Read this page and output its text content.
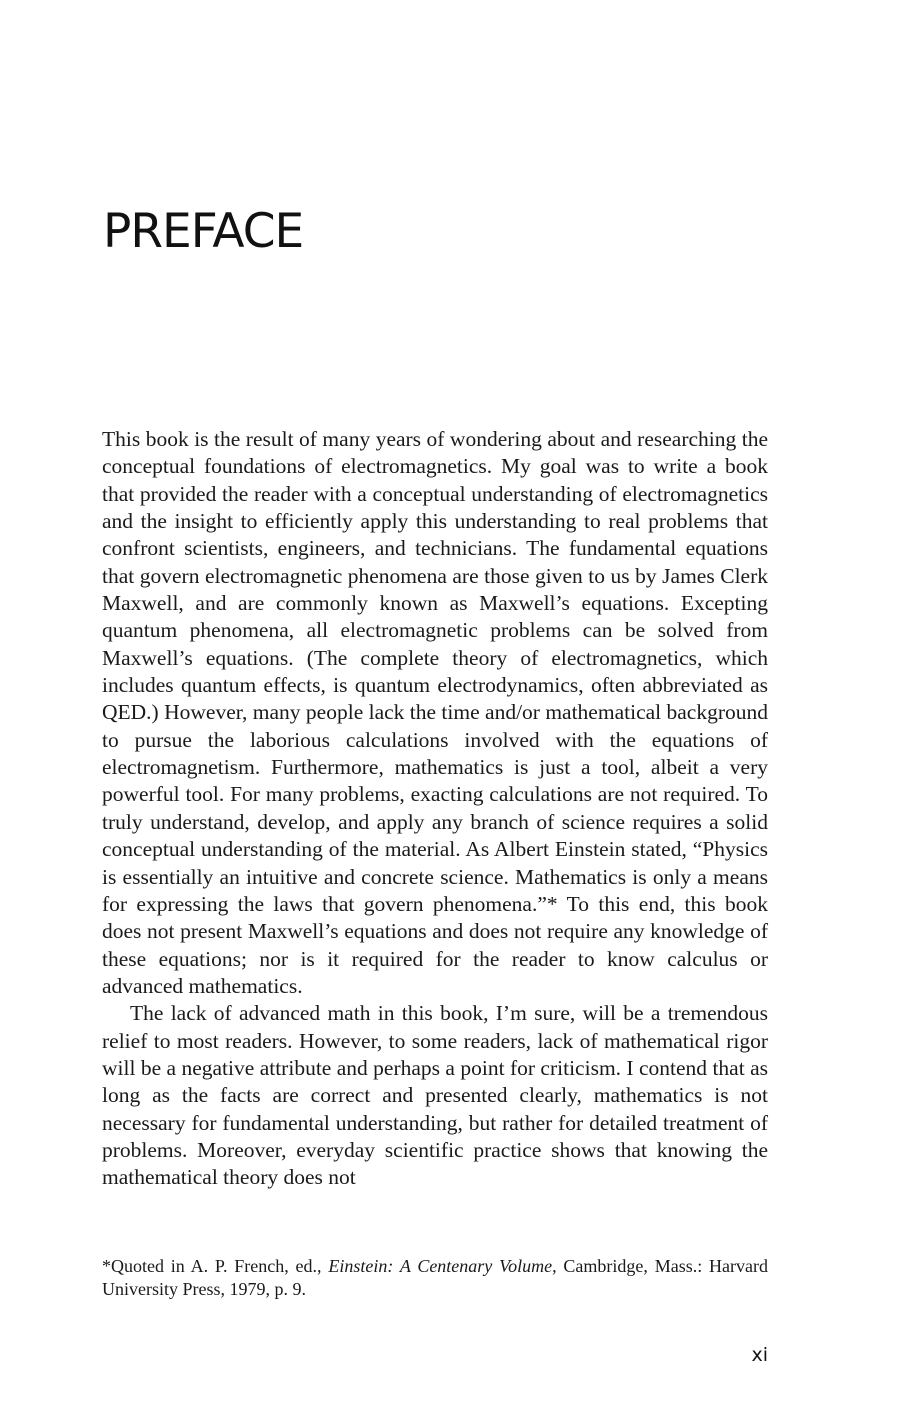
PREFACE

This book is the result of many years of wondering about and researching the conceptual foundations of electromagnetics. My goal was to write a book that provided the reader with a conceptual understanding of electromagnetics and the insight to efficiently apply this understanding to real problems that confront scientists, engineers, and technicians. The fundamental equations that govern electromagnetic phenomena are those given to us by James Clerk Maxwell, and are commonly known as Maxwell’s equations. Excepting quantum phenomena, all electromagnetic problems can be solved from Maxwell’s equations. (The complete theory of electromagnetics, which includes quantum effects, is quantum electrodynamics, often abbreviated as QED.) However, many people lack the time and/or mathematical background to pursue the laborious calculations involved with the equations of electromagnetism. Furthermore, mathematics is just a tool, albeit a very powerful tool. For many problems, exacting calculations are not required. To truly understand, develop, and apply any branch of science requires a solid conceptual understanding of the material. As Albert Einstein stated, “Physics is essentially an intuitive and concrete science. Mathematics is only a means for expressing the laws that govern phenomena.”* To this end, this book does not present Maxwell’s equations and does not require any knowledge of these equations; nor is it required for the reader to know calculus or advanced mathematics.

The lack of advanced math in this book, I’m sure, will be a tremendous relief to most readers. However, to some readers, lack of mathematical rigor will be a negative attribute and perhaps a point for criticism. I contend that as long as the facts are correct and presented clearly, mathematics is not necessary for fundamental understanding, but rather for detailed treatment of problems. Moreover, everyday scientific practice shows that knowing the mathematical theory does not

*Quoted in A. P. French, ed., Einstein: A Centenary Volume, Cambridge, Mass.: Harvard University Press, 1979, p. 9.
xi
